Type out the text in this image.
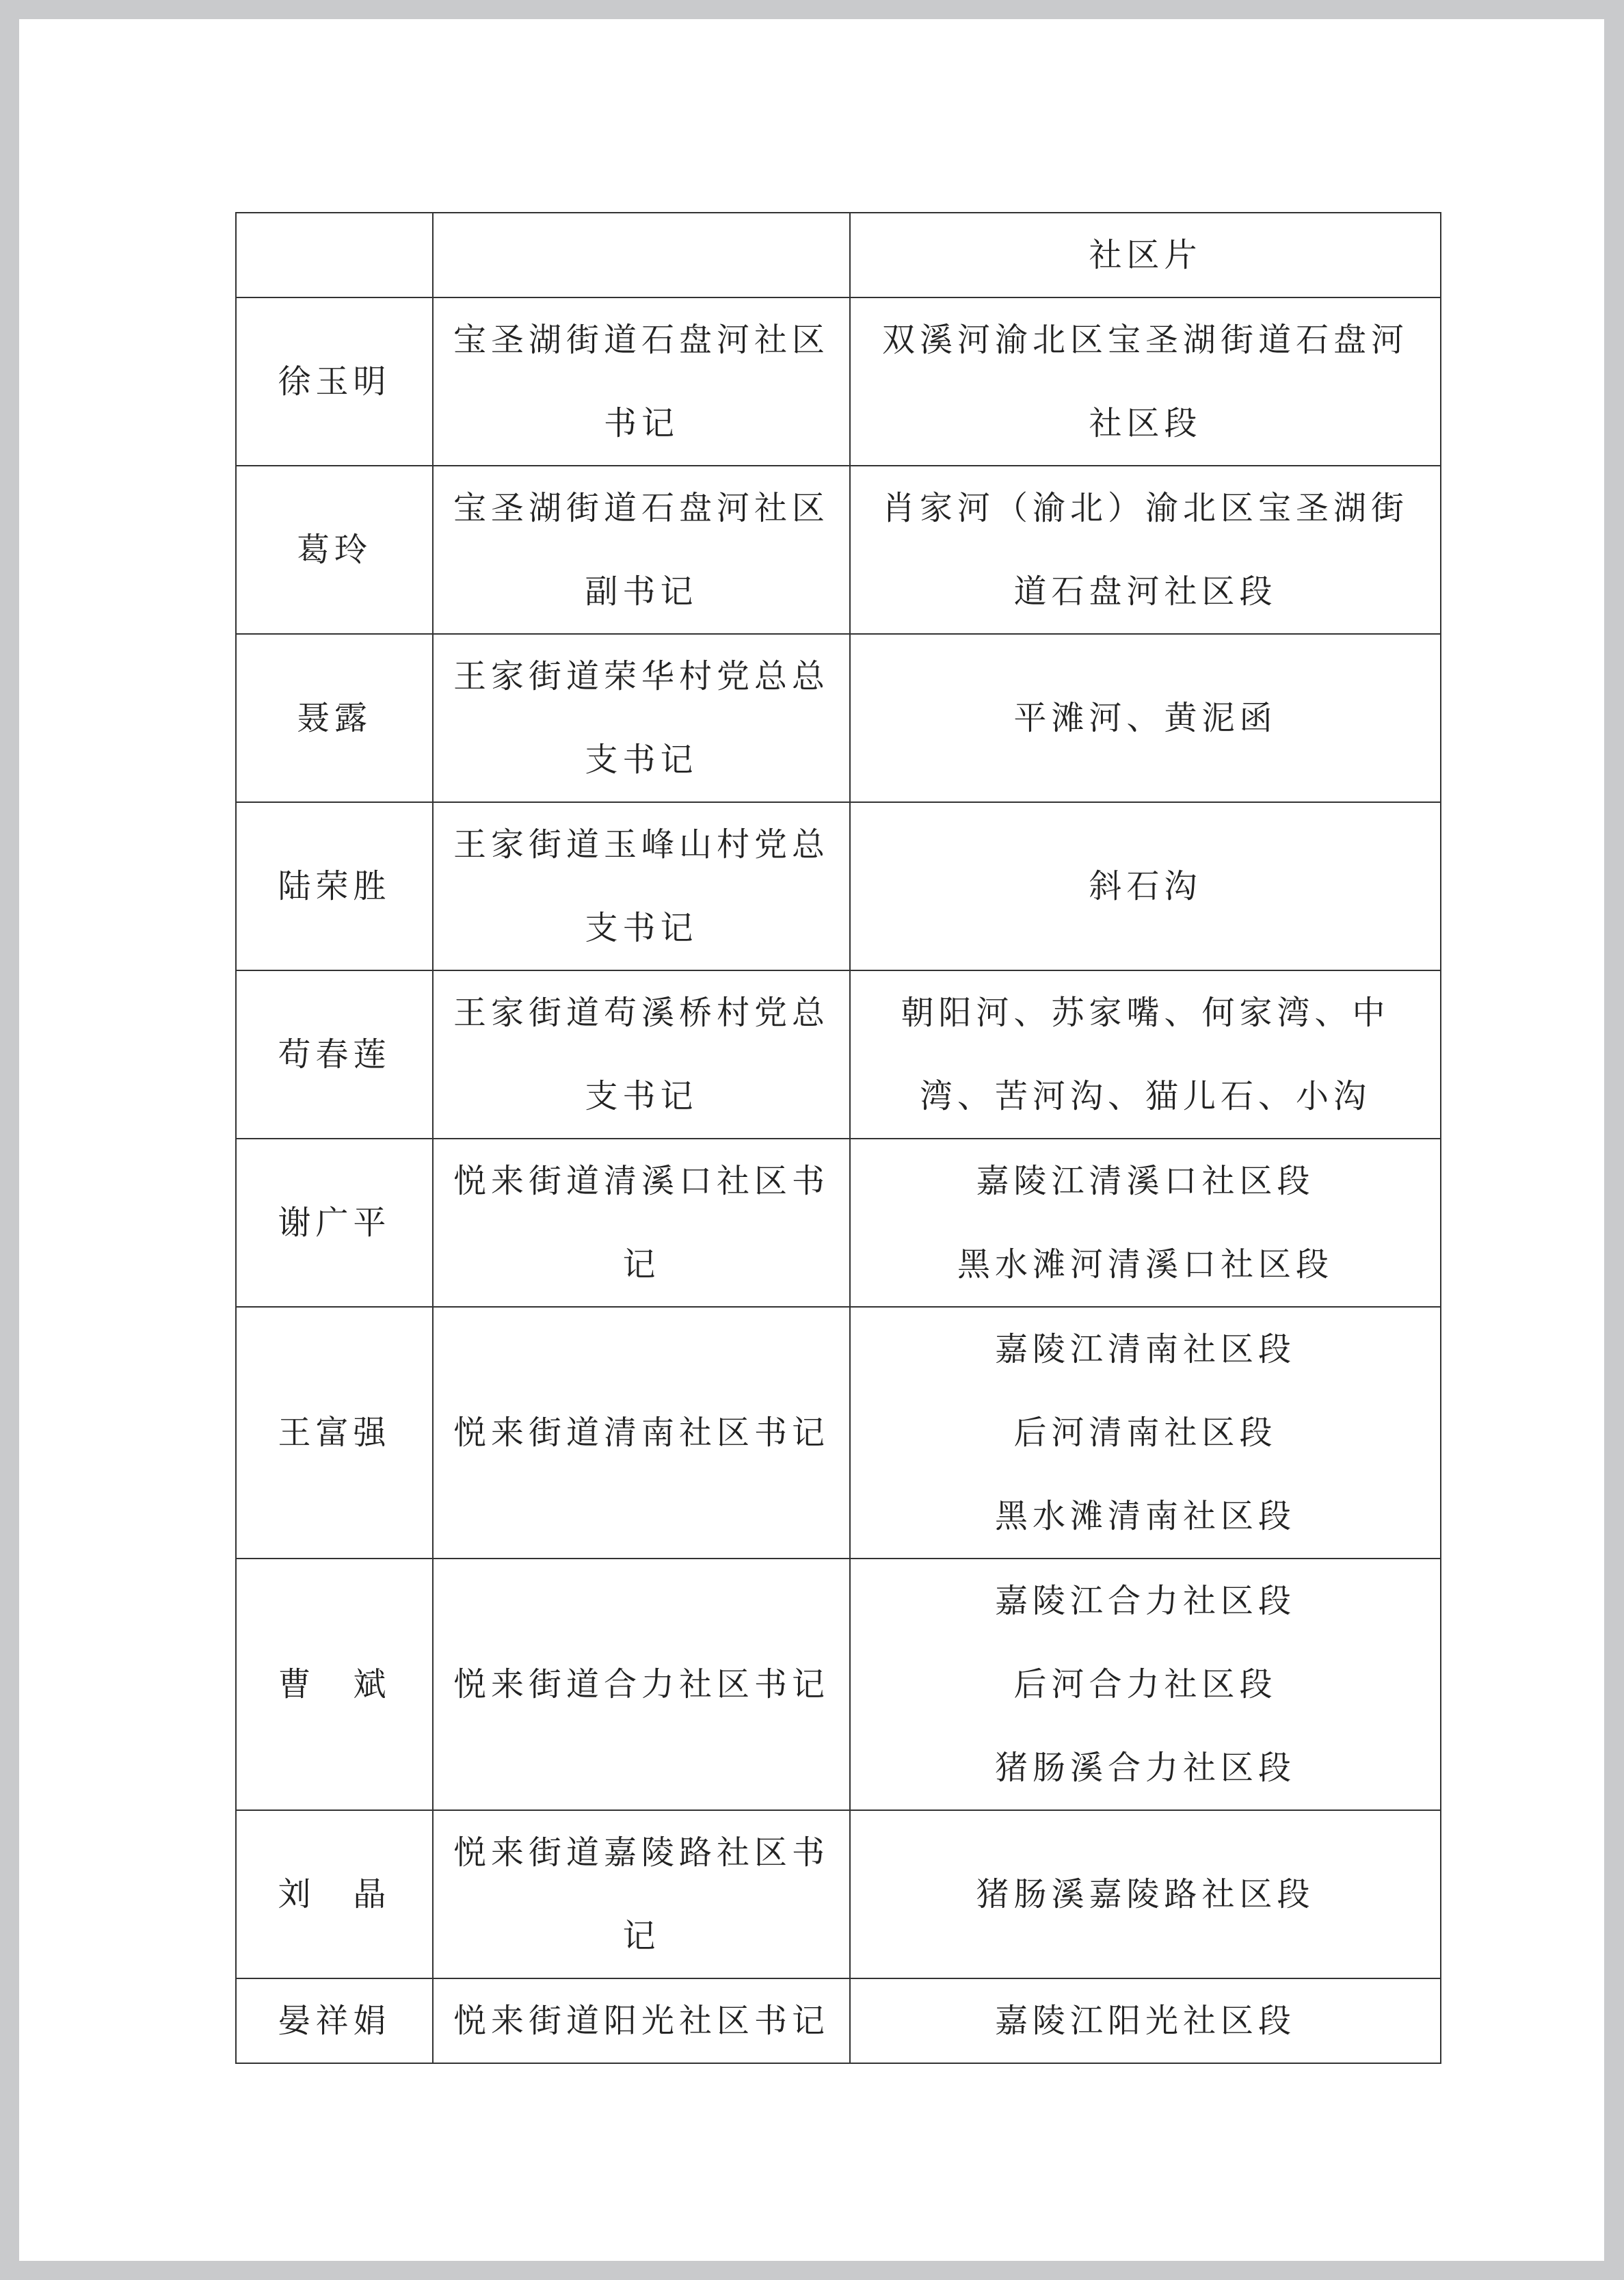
		社区片

徐玉明	宝圣湖街道石盘河社区书记	双溪河渝北区宝圣湖街道石盘河社区段

葛玲	宝圣湖街道石盘河社区副书记	肖家河（渝北）渝北区宝圣湖街道石盘河社区段

聂露	王家街道荣华村党总总支书记	平滩河、黄泥函

陆荣胜	王家街道玉峰山村党总支书记	斜石沟

苟春莲	王家街道苟溪桥村党总支书记	朝阳河、苏家嘴、何家湾、中湾、苦河沟、猫儿石、小沟

谢广平	悦来街道清溪口社区书记	嘉陵江清溪口社区段
黑水滩河清溪口社区段

王富强	悦来街道清南社区书记	嘉陵江清南社区段
后河清南社区段
黑水滩清南社区段

曹　斌	悦来街道合力社区书记	嘉陵江合力社区段
后河合力社区段
猪肠溪合力社区段

刘　晶	悦来街道嘉陵路社区书记	猪肠溪嘉陵路社区段

晏祥娟	悦来街道阳光社区书记	嘉陵江阳光社区段
